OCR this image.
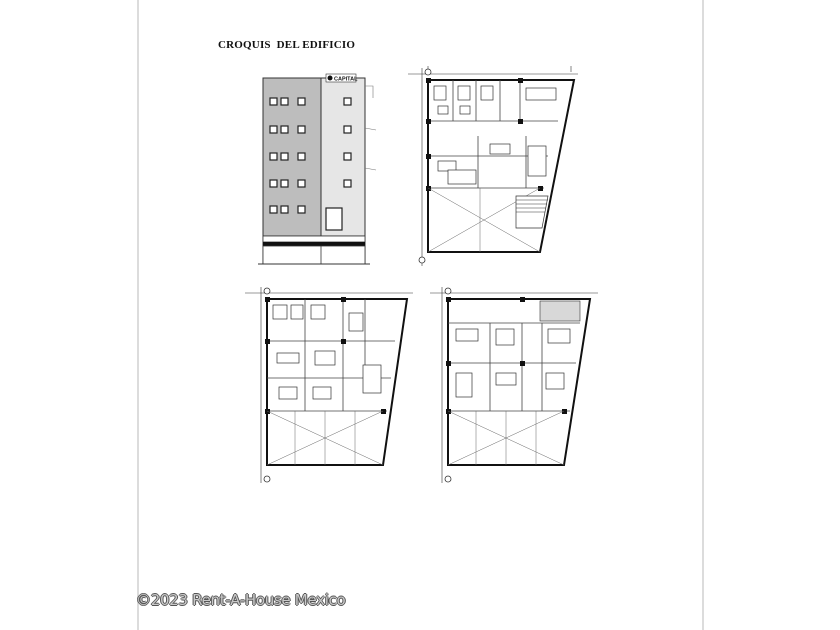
CROQUIS  DEL EDIFICIO
CAPITAL
©2023 Rent-A-House Mexico
